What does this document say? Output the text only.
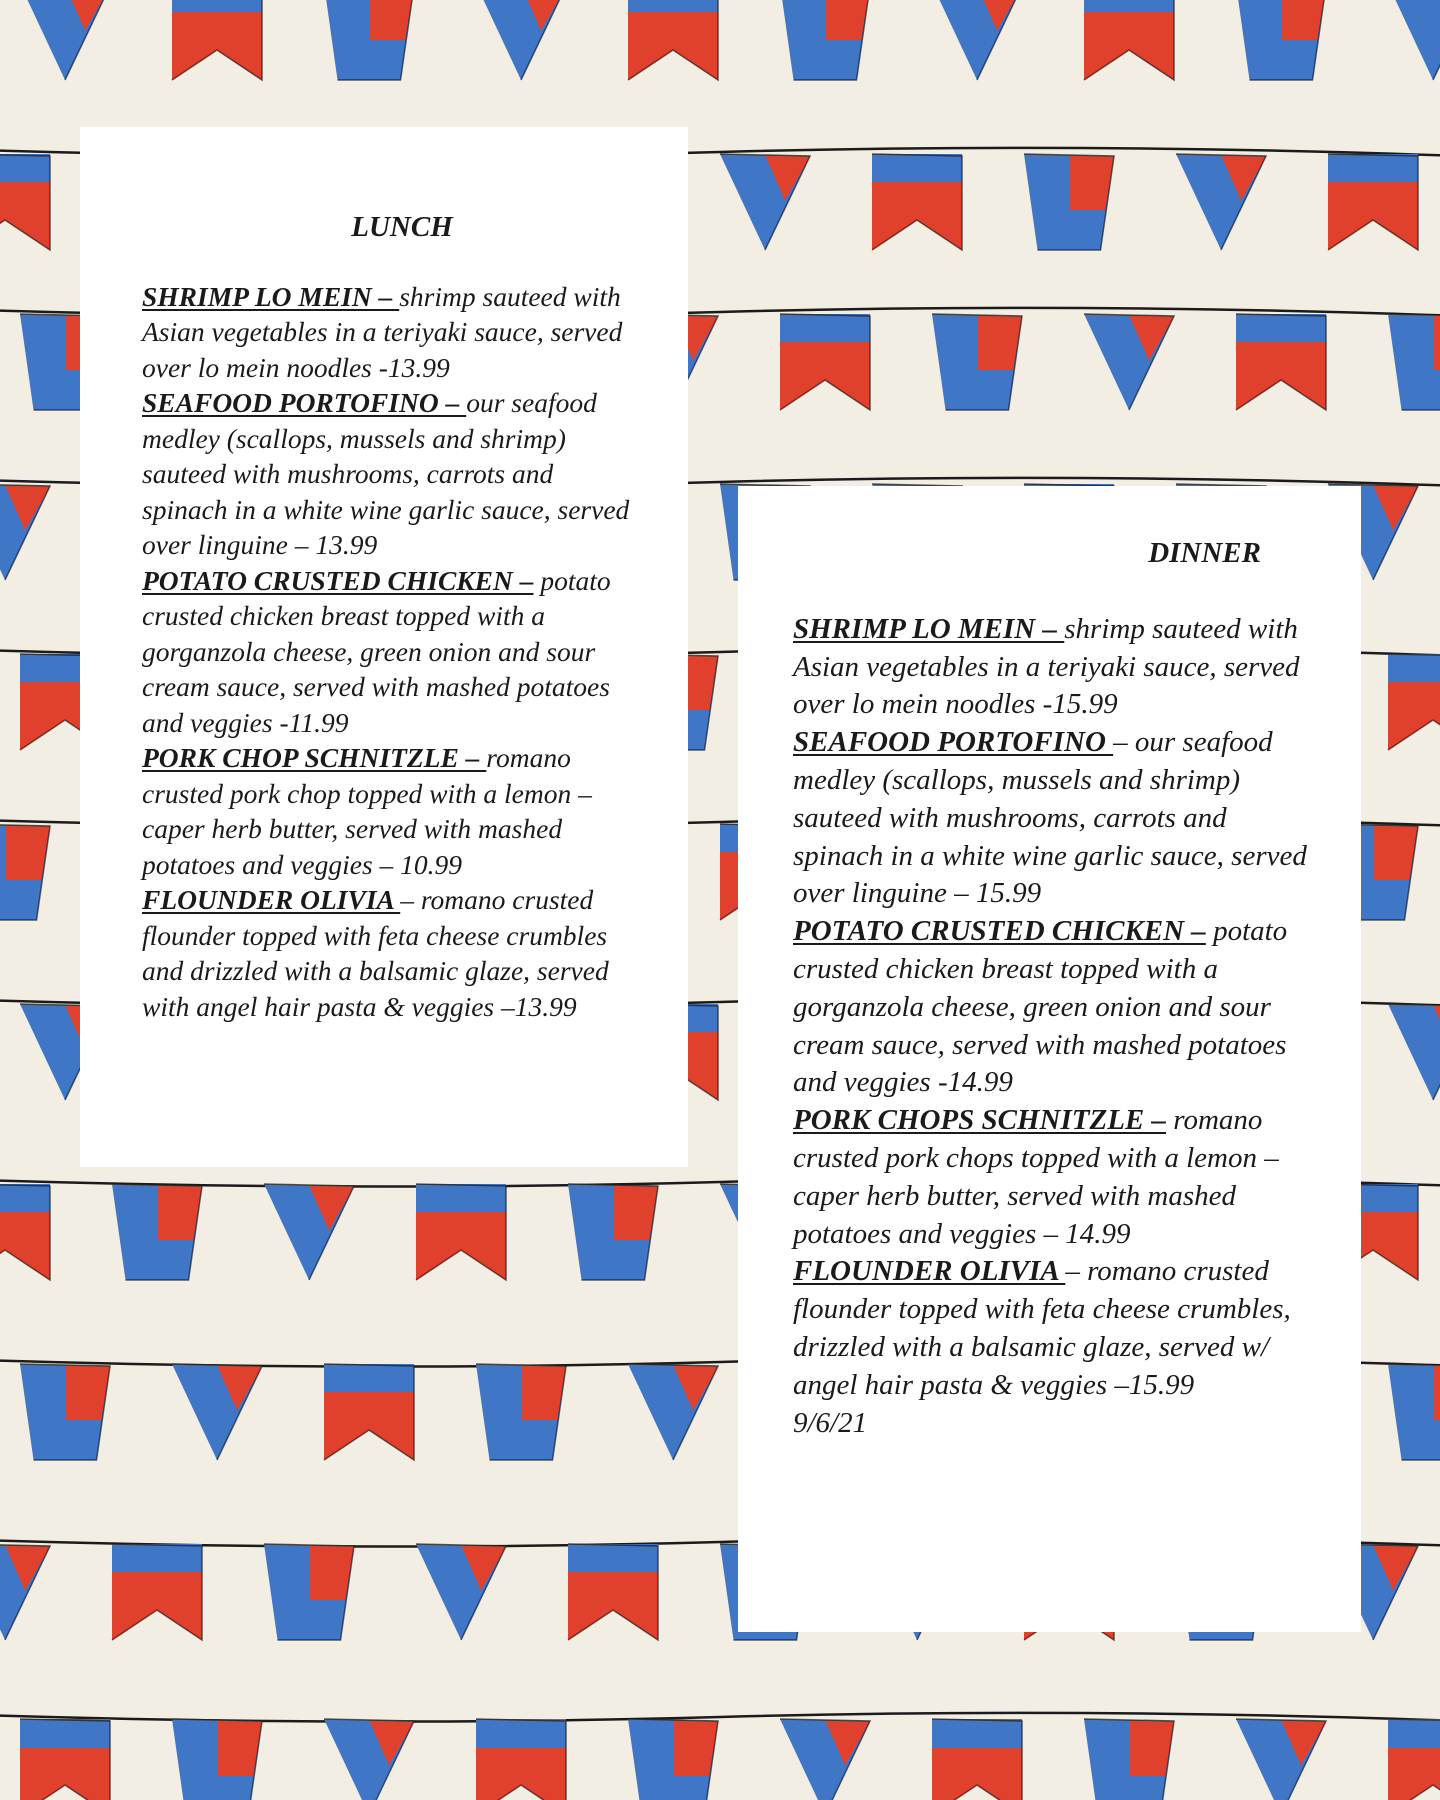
LUNCH
SHRIMP LO MEIN – shrimp sauteed with Asian vegetables in a teriyaki sauce, served over lo mein noodles -13.99
SEAFOOD PORTOFINO – our seafood medley (scallops, mussels and shrimp) sauteed with mushrooms, carrots and spinach in a white wine garlic sauce, served over linguine – 13.99
POTATO CRUSTED CHICKEN – potato crusted chicken breast topped with a gorganzola cheese, green onion and sour cream sauce, served with mashed potatoes and veggies -11.99
PORK CHOP SCHNITZLE – romano crusted pork chop topped with a lemon – caper herb butter, served with mashed potatoes and veggies – 10.99
FLOUNDER OLIVIA – romano crusted flounder topped with feta cheese crumbles and drizzled with a balsamic glaze, served with angel hair pasta & veggies –13.99
DINNER
SHRIMP LO MEIN – shrimp sauteed with Asian vegetables in a teriyaki sauce, served over lo mein noodles -15.99
SEAFOOD PORTOFINO – our seafood medley (scallops, mussels and shrimp) sauteed with mushrooms, carrots and spinach in a white wine garlic sauce, served over linguine – 15.99
POTATO CRUSTED CHICKEN – potato crusted chicken breast topped with a gorganzola cheese, green onion and sour cream sauce, served with mashed potatoes and veggies -14.99
PORK CHOPS SCHNITZLE – romano crusted pork chops topped with a lemon – caper herb butter, served with mashed potatoes and veggies – 14.99
FLOUNDER OLIVIA – romano crusted flounder topped with feta cheese crumbles, drizzled with a balsamic glaze, served w/ angel hair pasta & veggies –15.99

9/6/21
